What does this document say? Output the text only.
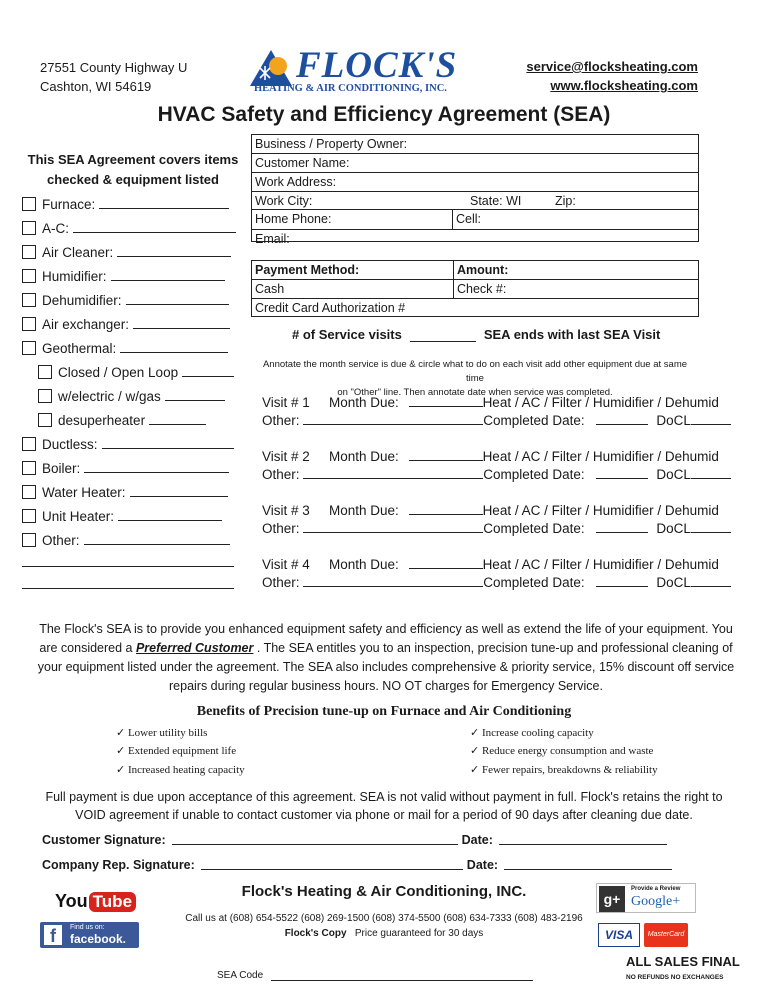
27551 County Highway U
Cashton, WI 54619
FLOCK'S
HEATING & AIR CONDITIONING, INC.
service@flocksheating.com
www.flocksheating.com
HVAC Safety and Efficiency Agreement (SEA)
This SEA Agreement covers items
checked & equipment listed
Furnace:
A-C:
Air Cleaner:
Humidifier:
Dehumidifier:
Air exchanger:
Geothermal:
Closed / Open Loop
w/electric / w/gas
desuperheater
Ductless:
Boiler:
Water Heater:
Unit Heater:
Other:
Business / Property Owner:
Customer Name:
Work Address:
Work City:	State: WI	Zip:
Home Phone:	Cell:
Email:
Payment Method:	Amount:
Cash	Check #:
Credit Card Authorization #
# of Service visits	SEA ends with last SEA Visit
Annotate the month service is due & circle what to do on each visit add other equipment due at same time
on "Other" line. Then annotate date when service was completed.
Visit # 1 Month Due:	Heat / AC / Filter / Humidifier / Dehumid
Other:	Completed Date:	DoCL
Visit # 2 Month Due:	Heat / AC / Filter / Humidifier / Dehumid
Other:	Completed Date:	DoCL
Visit # 3 Month Due:	Heat / AC / Filter / Humidifier / Dehumid
Other:	Completed Date:	DoCL
Visit # 4 Month Due:	Heat / AC / Filter / Humidifier / Dehumid
Other:	Completed Date:	DoCL
The Flock's SEA is to provide you enhanced equipment safety and efficiency as well as extend the life of your equipment. You are considered a Preferred Customer . The SEA entitles you to an inspection, precision tune-up and professional cleaning of your equipment listed under the agreement. The SEA also includes comprehensive & priority service, 15% discount off service repairs during regular business hours. NO OT charges for Emergency Service.
Benefits of Precision tune-up on Furnace and Air Conditioning
✓ Lower utility bills
✓ Extended equipment life
✓ Increased heating capacity
✓ Increase cooling capacity
✓ Reduce energy consumption and waste
✓ Fewer repairs, breakdowns & reliability
Full payment is due upon acceptance of this agreement. SEA is not valid without payment in full. Flock's retains the right to VOID agreement if unable to contact customer via phone or mail for a period of 90 days after cleaning due date.
Customer Signature:	Date:
Company Rep. Signature:	Date:
Flock's Heating & Air Conditioning, INC.
Call us at (608) 654-5522 (608) 269-1500 (608) 374-5500 (608) 634-7333 (608) 483-2196
Flock's Copy Price guaranteed for 30 days
You Tube
f	Find us on:
facebook.
g+
Provide a Review
Google+
VISA	MasterCard
ALL SALES FINAL
NO REFUNDS NO EXCHANGES
SEA Code
